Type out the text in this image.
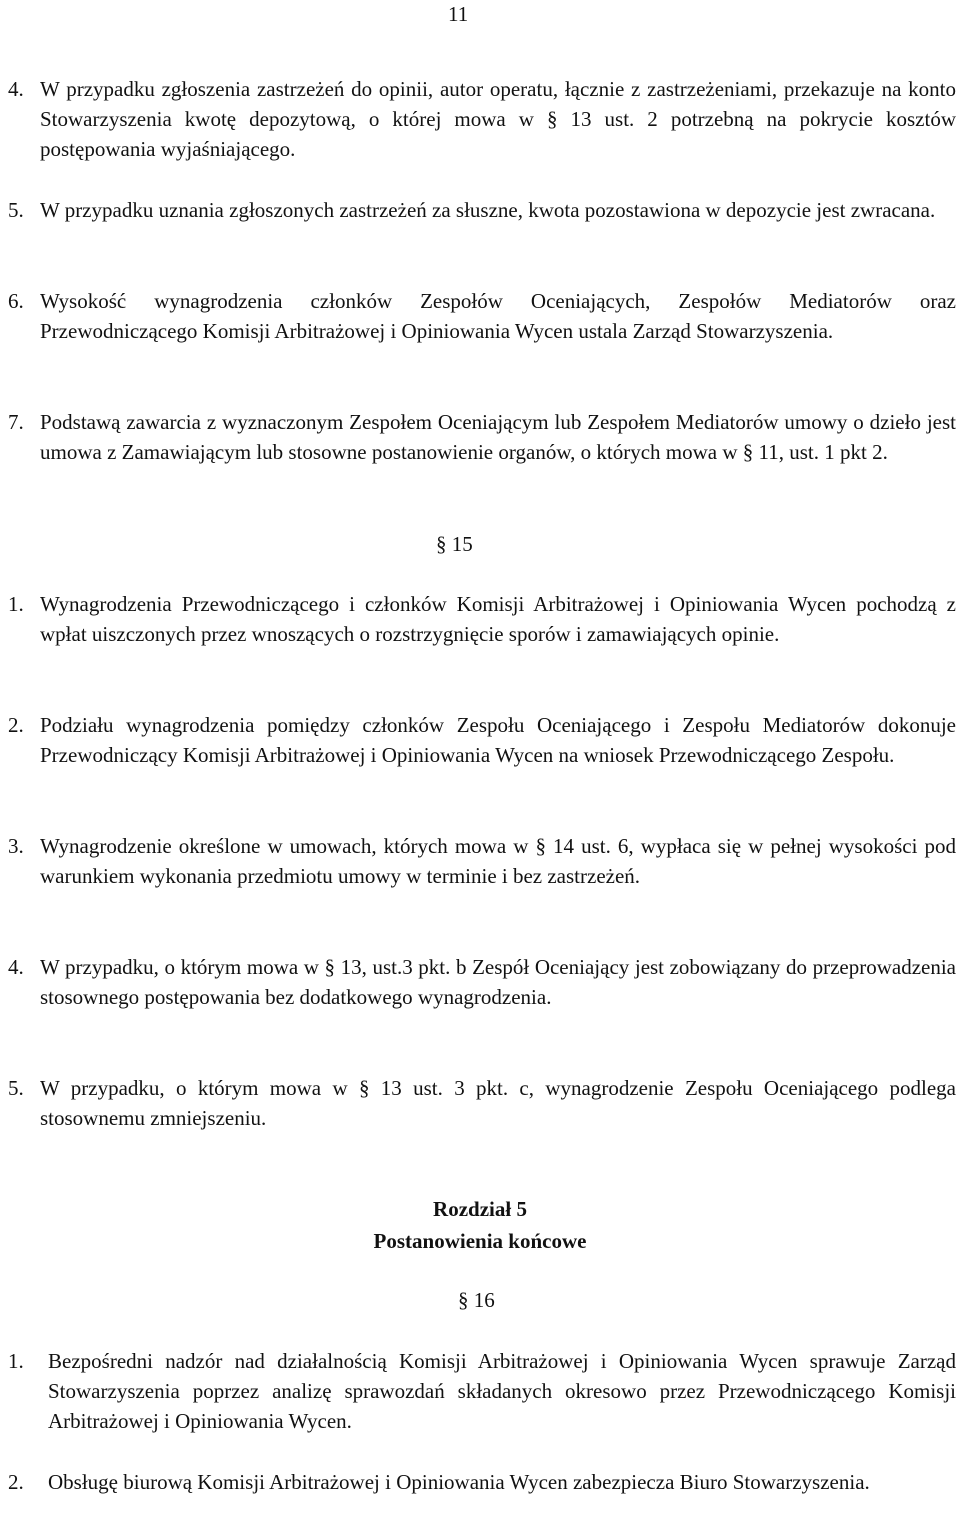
11
4. W przypadku zgłoszenia zastrzeżeń do opinii, autor operatu, łącznie z zastrzeżeniami, przekazuje na konto Stowarzyszenia kwotę depozytową, o której mowa w § 13 ust. 2 potrzebną na pokrycie kosztów postępowania wyjaśniającego.
5. W przypadku uznania zgłoszonych zastrzeżeń za słuszne, kwota pozostawiona w depozycie jest zwracana.
6. Wysokość wynagrodzenia członków Zespołów Oceniających, Zespołów Mediatorów oraz Przewodniczącego Komisji Arbitrażowej i Opiniowania Wycen ustala Zarząd Stowarzyszenia.
7. Podstawą zawarcia z wyznaczonym Zespołem Oceniającym lub Zespołem Mediatorów umowy o dzieło jest umowa z Zamawiającym lub stosowne postanowienie organów, o których mowa w § 11, ust. 1 pkt 2.
§ 15
1. Wynagrodzenia Przewodniczącego i członków Komisji Arbitrażowej i Opiniowania Wycen pochodzą z wpłat uiszczonych przez wnoszących o rozstrzygnięcie sporów i zamawiających opinie.
2. Podziału wynagrodzenia pomiędzy członków Zespołu Oceniającego i Zespołu Mediatorów dokonuje Przewodniczący Komisji Arbitrażowej i Opiniowania Wycen na wniosek Przewodniczącego Zespołu.
3. Wynagrodzenie określone w umowach, których mowa w § 14 ust. 6, wypłaca się w pełnej wysokości pod warunkiem wykonania przedmiotu umowy w terminie i bez zastrzeżeń.
4. W przypadku, o którym mowa w § 13, ust.3 pkt. b Zespół Oceniający jest zobowiązany do przeprowadzenia stosownego postępowania bez dodatkowego wynagrodzenia.
5. W przypadku, o którym mowa w § 13 ust. 3 pkt. c, wynagrodzenie Zespołu Oceniającego podlega stosownemu zmniejszeniu.
Rozdział 5
Postanowienia końcowe
§ 16
1. Bezpośredni nadzór nad działalnością Komisji Arbitrażowej i Opiniowania Wycen sprawuje Zarząd Stowarzyszenia poprzez analizę sprawozdań składanych okresowo przez Przewodniczącego Komisji Arbitrażowej i Opiniowania Wycen.
2. Obsługę biurową Komisji Arbitrażowej i Opiniowania Wycen zabezpiecza Biuro Stowarzyszenia.
